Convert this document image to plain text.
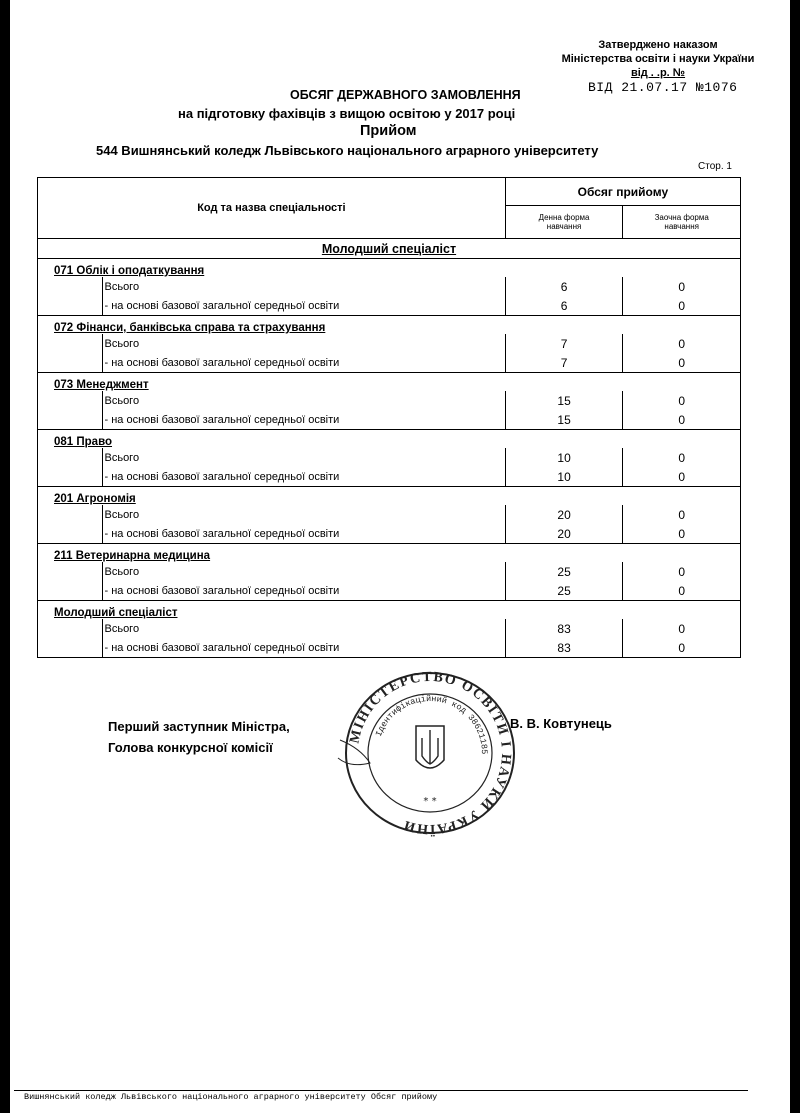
Затверджено наказом
Міністерства освіти і науки України
від . .р. №
ВІД 21.07.17 №1076
ОБСЯГ ДЕРЖАВНОГО ЗАМОВЛЕННЯ
на підготовку фахівців з вищою освітою у 2017 році
Прийом
544 Вишнянський коледж Львівського національного аграрного університету
Стор. 1
Код та назва спеціальності		Обсяг прийому	

		Денна форма навчання	Заочна форма навчання

Молодший спеціаліст			
071 Облік і оподаткування			
	Всього	6	0
	- на основі базової загальної середньої освіти	6	0
072 Фінанси, банківська справа та страхування			
	Всього	7	0
	- на основі базової загальної середньої освіти	7	0
073 Менеджмент			
	Всього	15	0
	- на основі базової загальної середньої освіти	15	0
081 Право			
	Всього	10	0
	- на основі базової загальної середньої освіти	10	0
201 Агрономія			
	Всього	20	0
	- на основі базової загальної середньої освіти	20	0
211 Ветеринарна медицина			
	Всього	25	0
	- на основі базової загальної середньої освіти	25	0
Молодший спеціаліст			
	Всього	83	0
	- на основі базової загальної середньої освіти	83	0
Перший заступник Міністра,
Голова конкурсної комісії
В. В. Ковтунець
МІНІСТЕРСТВО ОСВІТИ І НАУКИ УКРАЇНИ
Ідентифікаційний код 38621185
* *
Вишнянський коледж Львівського національного аграрного університету Обсяг прийому
